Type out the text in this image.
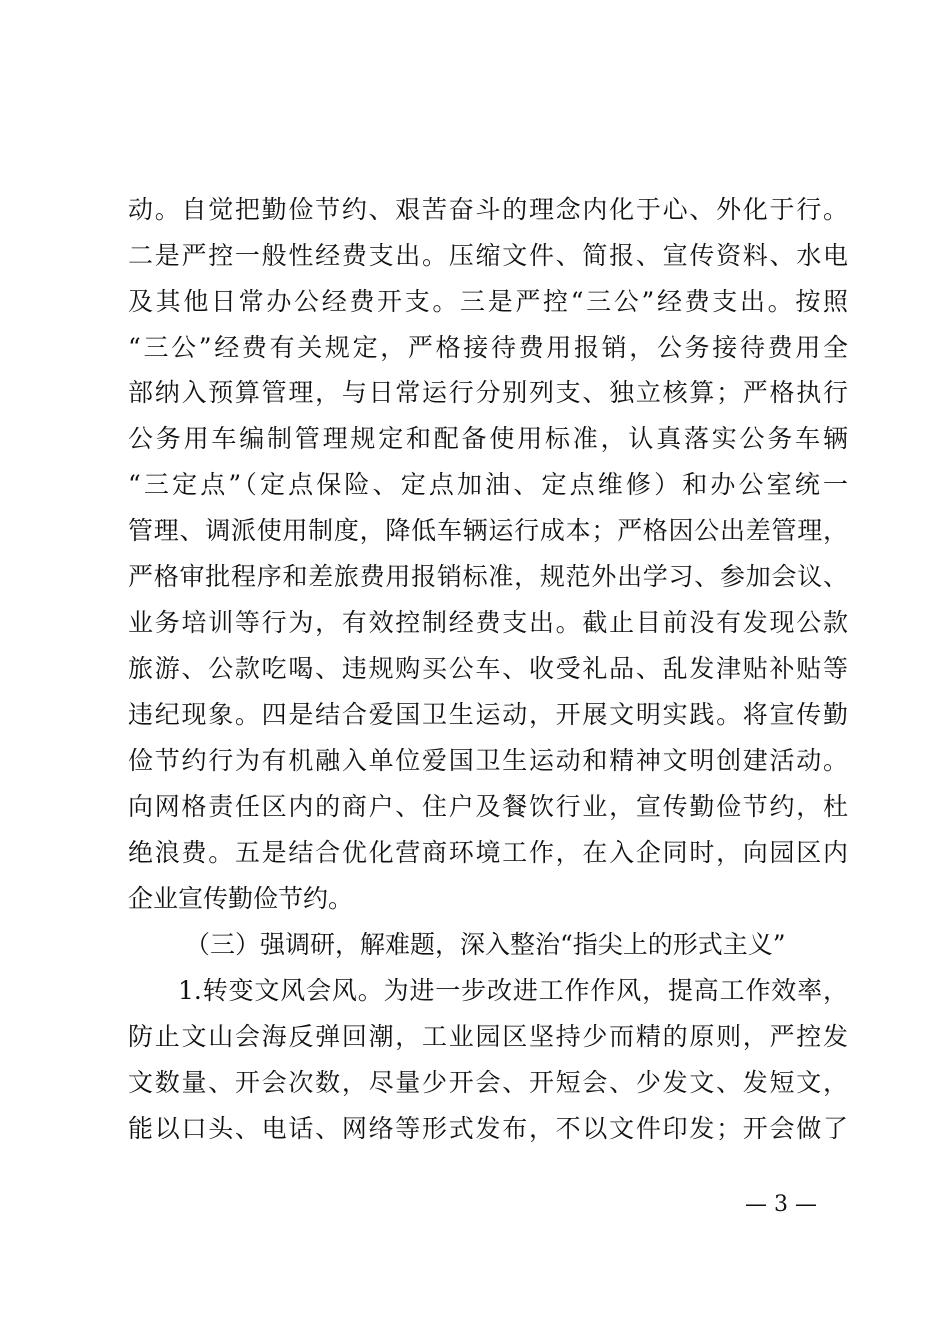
动。自觉把勤俭节约、艰苦奋斗的理念内化于心、外化于行。
二是严控一般性经费支出。压缩文件、简报、宣传资料、水电
及其他日常办公经费开支。三是严控“三公”经费支出。按照
“三公”经费有关规定，严格接待费用报销，公务接待费用全
部纳入预算管理，与日常运行分别列支、独立核算；严格执行
公务用车编制管理规定和配备使用标准，认真落实公务车辆
“三定点”（定点保险、定点加油、定点维修）和办公室统一
管理、调派使用制度，降低车辆运行成本；严格因公出差管理，
严格审批程序和差旅费用报销标准，规范外出学习、参加会议、
业务培训等行为，有效控制经费支出。截止目前没有发现公款
旅游、公款吃喝、违规购买公车、收受礼品、乱发津贴补贴等
违纪现象。四是结合爱国卫生运动，开展文明实践。将宣传勤
俭节约行为有机融入单位爱国卫生运动和精神文明创建活动。
向网格责任区内的商户、住户及餐饮行业，宣传勤俭节约，杜
绝浪费。五是结合优化营商环境工作，在入企同时，向园区内
企业宣传勤俭节约。
（三）强调研，解难题，深入整治“指尖上的形式主义”
1.转变文风会风。为进一步改进工作作风，提高工作效率，
防止文山会海反弹回潮，工业园区坚持少而精的原则，严控发
文数量、开会次数，尽量少开会、开短会、少发文、发短文，
能以口头、电话、网络等形式发布，不以文件印发；开会做了
— 3 —
